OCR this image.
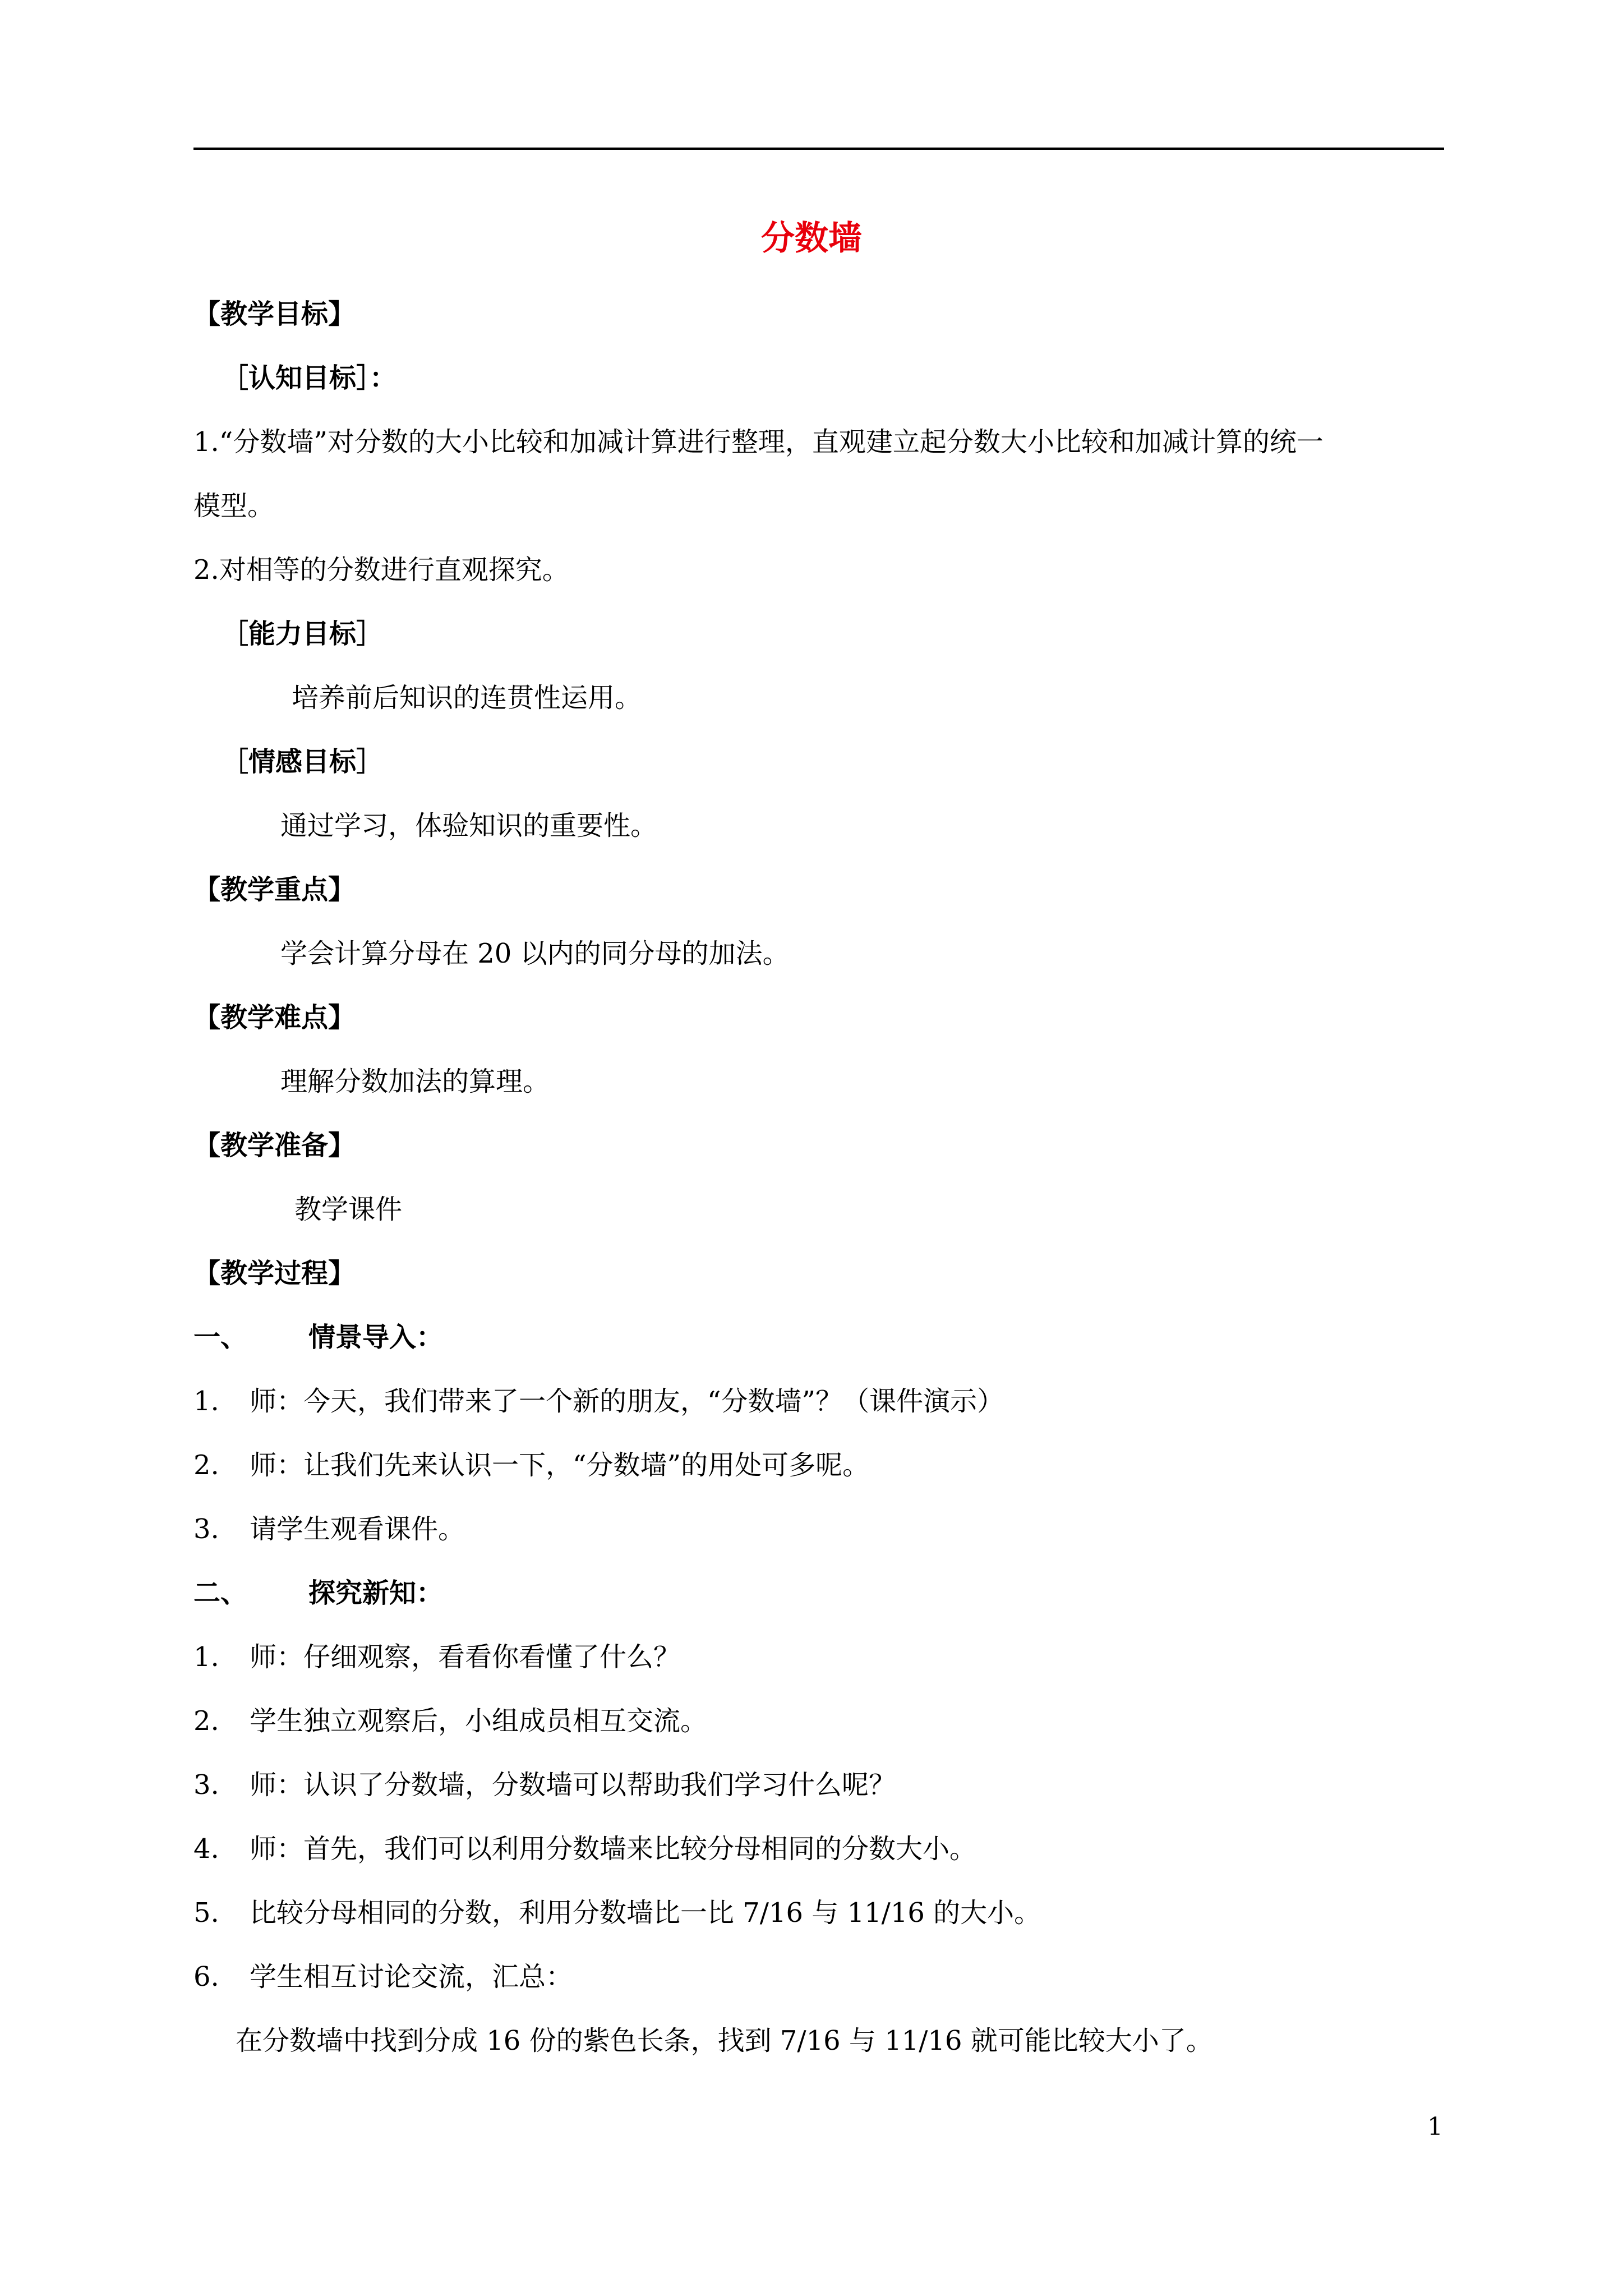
分数墙
【教学目标】
［认知目标］：
1.“分数墙”对分数的大小比较和加减计算进行整理，直观建立起分数大小比较和加减计算的统一
模型。
2.对相等的分数进行直观探究。
［能力目标］
培养前后知识的连贯性运用。
［情感目标］
通过学习，体验知识的重要性。
【教学重点】
学会计算分母在 20 以内的同分母的加法。
【教学难点】
理解分数加法的算理。
【教学准备】
教学课件
【教学过程】
一、 情景导入：
1. 师：今天，我们带来了一个新的朋友，“分数墙”？（课件演示）
2. 师：让我们先来认识一下，“分数墙”的用处可多呢。
3. 请学生观看课件。
二、 探究新知：
1. 师：仔细观察，看看你看懂了什么？
2. 学生独立观察后，小组成员相互交流。
3. 师：认识了分数墙，分数墙可以帮助我们学习什么呢？
4. 师：首先，我们可以利用分数墙来比较分母相同的分数大小。
5. 比较分母相同的分数，利用分数墙比一比 7/16 与 11/16 的大小。
6. 学生相互讨论交流，汇总：
在分数墙中找到分成 16 份的紫色长条，找到 7/16 与 11/16 就可能比较大小了。
1
